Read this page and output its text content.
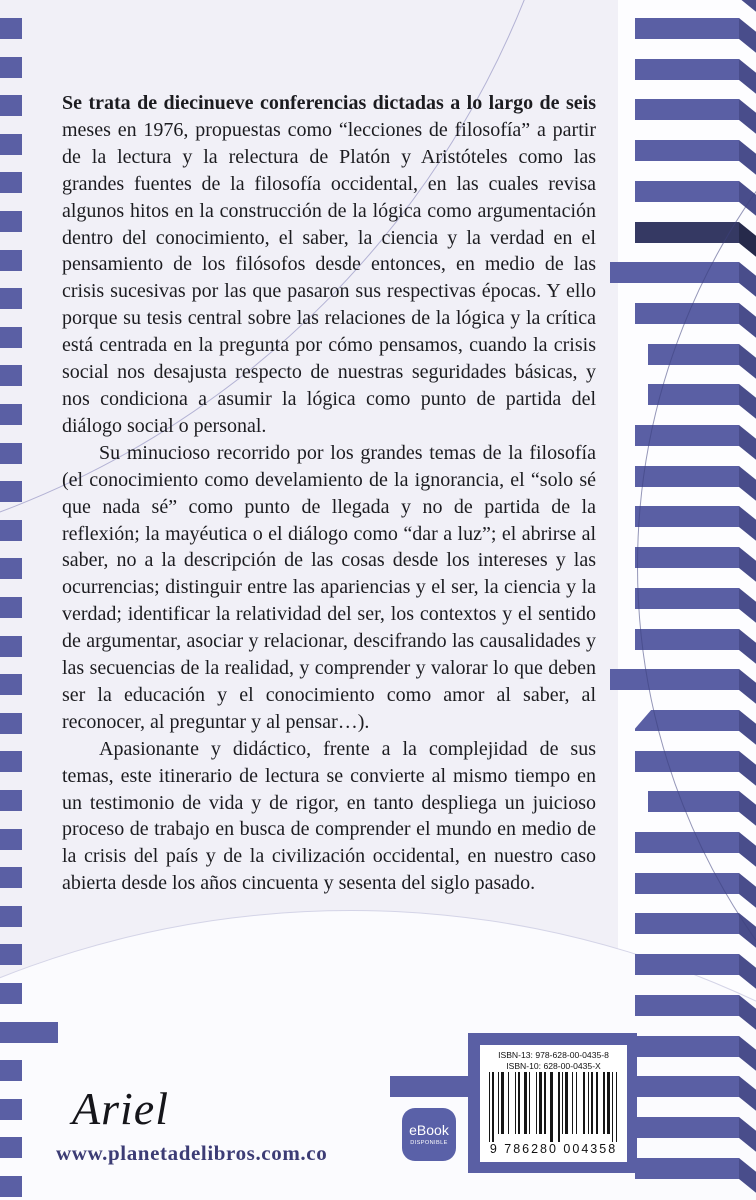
Se trata de diecinueve conferencias dictadas a lo largo de seis meses en 1976, propuestas como “lecciones de filosofía” a partir de la lectura y la relectura de Platón y Aristóteles como las grandes fuentes de la filosofía occidental, en las cuales revisa algunos hitos en la construcción de la lógica como argumentación dentro del conocimiento, el saber, la ciencia y la verdad en el pensamiento de los filósofos desde entonces, en medio de las crisis sucesivas por las que pasaron sus respectivas épocas. Y ello porque su tesis central sobre las relaciones de la lógica y la crítica está centrada en la pregunta por cómo pensamos, cuando la crisis social nos desajusta respecto de nuestras seguridades básicas, y nos condiciona a asumir la lógica como punto de partida del diálogo social o personal.

Su minucioso recorrido por los grandes temas de la filosofía (el conocimiento como develamiento de la ignorancia, el “solo sé que nada sé” como punto de llegada y no de partida de la reflexión; la mayéutica o el diálogo como “dar a luz”; el abrirse al saber, no a la descripción de las cosas desde los intereses y las ocurrencias; distinguir entre las apariencias y el ser, la ciencia y la verdad; identificar la relatividad del ser, los contextos y el sentido de argumentar, asociar y relacionar, descifrando las causalidades y las secuencias de la realidad, y comprender y valorar lo que deben ser la educación y el conocimiento como amor al saber, al reconocer, al preguntar y al pensar…).

Apasionante y didáctico, frente a la complejidad de sus temas, este itinerario de lectura se convierte al mismo tiempo en un testimonio de vida y de rigor, en tanto despliega un juicioso proceso de trabajo en busca de comprender el mundo en medio de la crisis del país y de la civilización occidental, en nuestro caso abierta desde los años cincuenta y sesenta del siglo pasado.

Ariel
www.planetadelibros.com.co
eBook
DISPONIBLE
ISBN-13: 978-628-00-0435-8
ISBN-10: 628-00-0435-X
9 786280 004358
